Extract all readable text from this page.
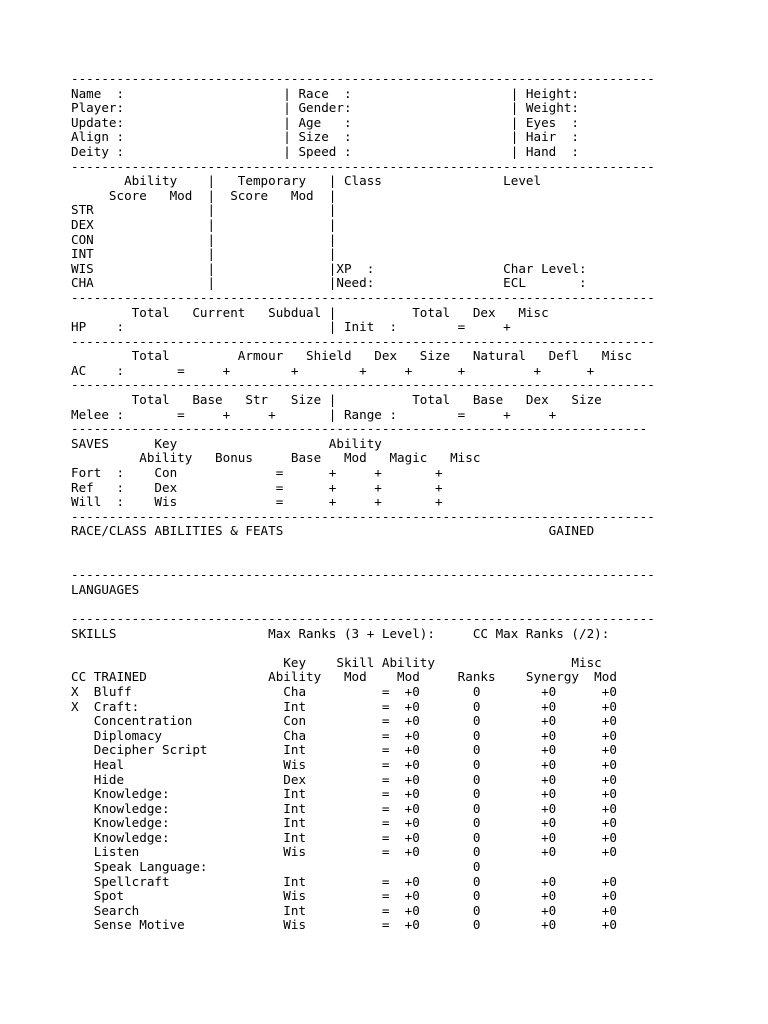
-----------------------------------------------------------------------------
Name  :                     | Race  :                     | Height:
Player:                     | Gender:                     | Weight:
Update:                     | Age   :                     | Eyes  :
Align :                     | Size  :                     | Hair  :
Deity :                     | Speed :                     | Hand  :
-----------------------------------------------------------------------------
Ability    |   Temporary   | Class                Level
Score   Mod  |  Score   Mod  |
STR               |               |
DEX               |               |
CON               |               |
INT               |               |
WIS               |               |XP  :                 Char Level:
CHA               |               |Need:                 ECL       :
-----------------------------------------------------------------------------
Total   Current   Subdual |          Total   Dex   Misc
HP    :                           | Init  :        =     +
-----------------------------------------------------------------------------
Total         Armour   Shield   Dex   Size   Natural   Defl   Misc
AC    :       =     +        +        +     +      +         +      +
-----------------------------------------------------------------------------
Total   Base   Str   Size |          Total   Base   Dex   Size
Melee :       =     +     +       | Range :        =     +     +
----------------------------------------------------------------------------
SAVES      Key                    Ability
Ability   Bonus     Base   Mod   Magic   Misc
Fort  :    Con             =      +     +       +
Ref   :    Dex             =      +     +       +
Will  :    Wis             =      +     +       +
-----------------------------------------------------------------------------
RACE/CLASS ABILITIES & FEATS                                   GAINED
-----------------------------------------------------------------------------
LANGUAGES
-----------------------------------------------------------------------------
SKILLS                    Max Ranks (3 + Level):     CC Max Ranks (/2):
Key    Skill Ability                  Misc
CC TRAINED                Ability   Mod    Mod     Ranks    Synergy  Mod
X  Bluff                    Cha          =  +0       0        +0      +0
X  Craft:                   Int          =  +0       0        +0      +0
Concentration            Con          =  +0       0        +0      +0
Diplomacy                Cha          =  +0       0        +0      +0
Decipher Script          Int          =  +0       0        +0      +0
Heal                     Wis          =  +0       0        +0      +0
Hide                     Dex          =  +0       0        +0      +0
Knowledge:               Int          =  +0       0        +0      +0
Knowledge:               Int          =  +0       0        +0      +0
Knowledge:               Int          =  +0       0        +0      +0
Knowledge:               Int          =  +0       0        +0      +0
Listen                   Wis          =  +0       0        +0      +0
Speak Language:                                   0
Spellcraft               Int          =  +0       0        +0      +0
Spot                     Wis          =  +0       0        +0      +0
Search                   Int          =  +0       0        +0      +0
Sense Motive             Wis          =  +0       0        +0      +0
